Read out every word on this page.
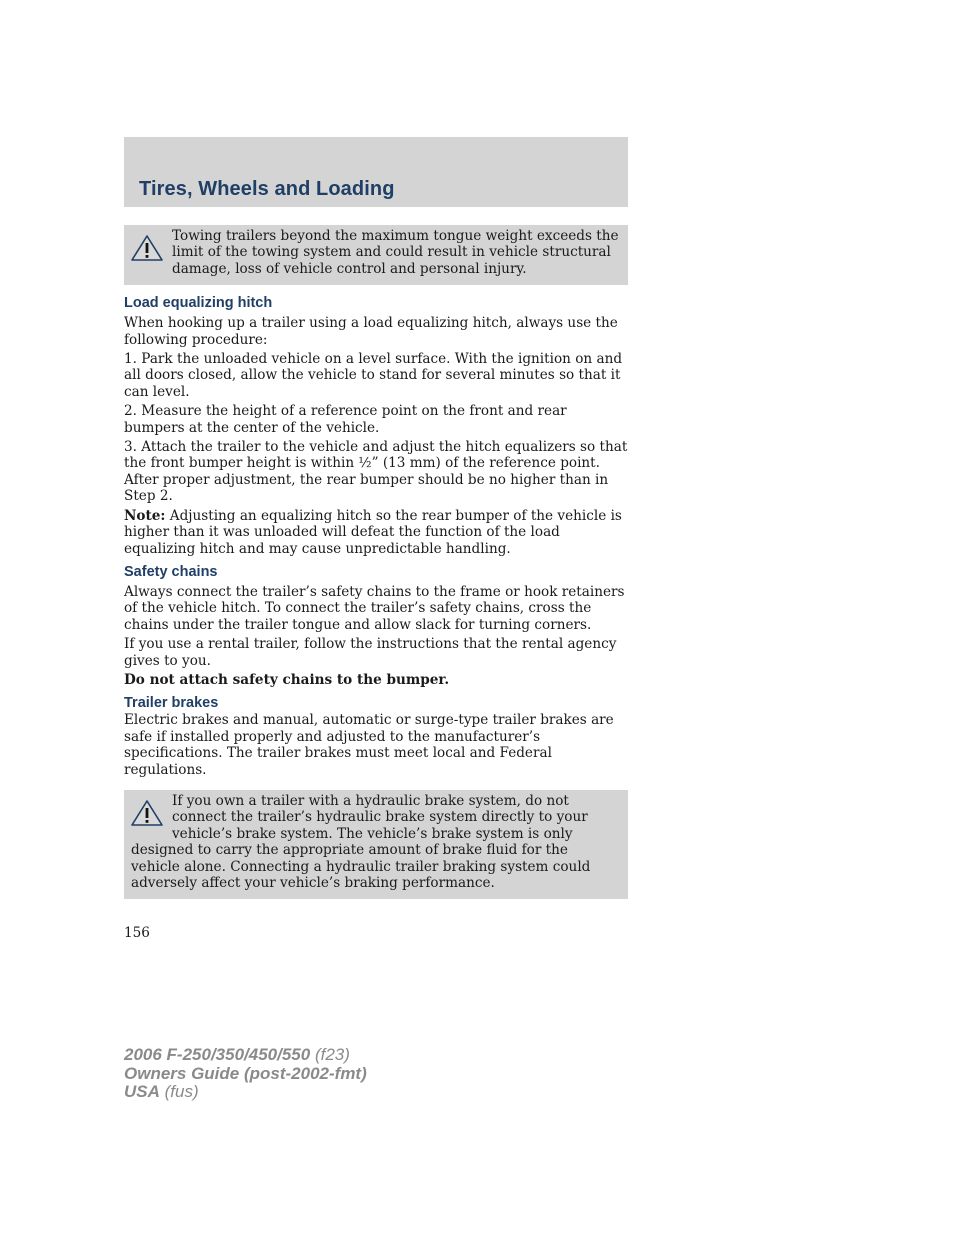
Tires, Wheels and Loading
Towing trailers beyond the maximum tongue weight exceeds the limit of the towing system and could result in vehicle structural damage, loss of vehicle control and personal injury.
Load equalizing hitch

When hooking up a trailer using a load equalizing hitch, always use the following procedure:

1. Park the unloaded vehicle on a level surface. With the ignition on and all doors closed, allow the vehicle to stand for several minutes so that it can level.

2. Measure the height of a reference point on the front and rear bumpers at the center of the vehicle.

3. Attach the trailer to the vehicle and adjust the hitch equalizers so that the front bumper height is within ½” (13 mm) of the reference point. After proper adjustment, the rear bumper should be no higher than in Step 2.

Note: Adjusting an equalizing hitch so the rear bumper of the vehicle is higher than it was unloaded will defeat the function of the load equalizing hitch and may cause unpredictable handling.

Safety chains

Always connect the trailer’s safety chains to the frame or hook retainers of the vehicle hitch. To connect the trailer’s safety chains, cross the chains under the trailer tongue and allow slack for turning corners.

If you use a rental trailer, follow the instructions that the rental agency gives to you.

Do not attach safety chains to the bumper.

Trailer brakes

Electric brakes and manual, automatic or surge-type trailer brakes are safe if installed properly and adjusted to the manufacturer’s specifications. The trailer brakes must meet local and Federal regulations.

If you own a trailer with a hydraulic brake system, do not connect the trailer’s hydraulic brake system directly to your vehicle’s brake system. The vehicle’s brake system is only designed to carry the appropriate amount of brake fluid for the vehicle alone. Connecting a hydraulic trailer braking system could adversely affect your vehicle’s braking performance.
156
2006 F-250/350/450/550 (f23)
Owners Guide (post-2002-fmt)
USA (fus)
